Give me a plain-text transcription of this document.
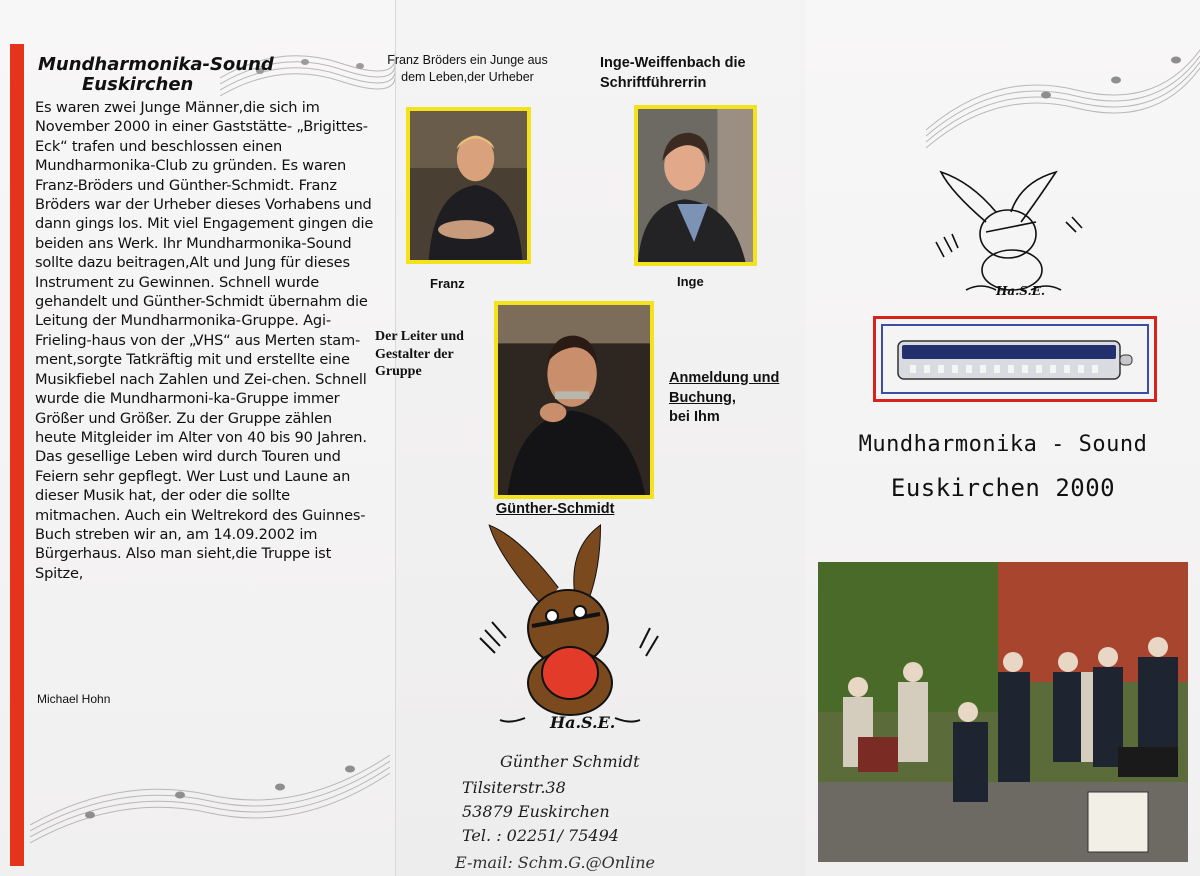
Mundharmonika-Sound
Euskirchen

Es waren zwei Junge Männer,die sich im November 2000 in einer Gaststätte- „Brigittes-Eck“ trafen und beschlossen einen Mundharmonika-Club zu gründen. Es waren Franz-Bröders und Günther-Schmidt. Franz Bröders war der Urheber dieses Vorhabens und dann gings los. Mit viel Engagement gingen die beiden ans Werk. Ihr Mundharmonika-Sound sollte dazu beitragen,Alt und Jung für dieses Instrument zu Gewinnen. Schnell wurde gehandelt und Günther-Schmidt übernahm die Leitung der Mundharmonika-Gruppe. Agi-Frieling-haus von der „VHS“ aus Merten stam-ment,sorgte Tatkräftig mit und erstellte eine Musikfiebel nach Zahlen und Zei-chen. Schnell wurde die Mundharmoni-ka-Gruppe immer Größer und Größer. Zu der Gruppe zählen heute Mitgleider im Alter von 40 bis 90 Jahren. Das gesellige Leben wird durch Touren und Feiern sehr gepflegt. Wer Lust und Laune an dieser Musik hat, der oder die sollte mitmachen. Auch ein Weltrekord des Guinnes-Buch streben wir an, am 14.09.2002 im Bürgerhaus. Also man sieht,die Truppe ist Spitze,

Michael Hohn
Franz Bröders ein Junge aus
dem Leben,der Urheber
Inge-Weiffenbach die
Schriftführerrin
Franz	Inge
Der Leiter und
Gestalter der
Gruppe	Anmeldung und
Buchung,
bei Ihm
Günther-Schmidt
Ha.S.E.
Günther Schmidt
Tilsiterstr.38
53879 Euskirchen
Tel. : 02251/ 75494
E-mail: Schm.G.@Online
Ha.S.E.
Mundharmonika - Sound
Euskirchen 2000
